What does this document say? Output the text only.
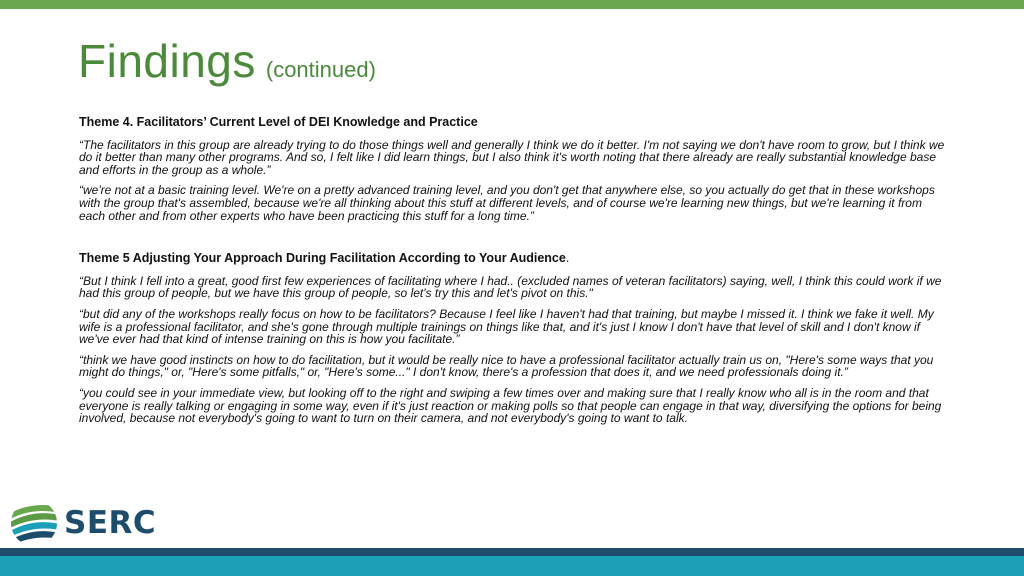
Findings (continued)

Theme 4. Facilitators’ Current Level of DEI Knowledge and Practice

“The facilitators in this group are already trying to do those things well and generally I think we do it better. I'm not saying we don't have room to grow, but I think we do it better than many other programs. And so, I felt like I did learn things, but I also think it's worth noting that there already are really substantial knowledge base and efforts in the group as a whole.”

“we're not at a basic training level. We're on a pretty advanced training level, and you don't get that anywhere else, so you actually do get that in these workshops with the group that's assembled, because we're all thinking about this stuff at different levels, and of course we're learning new things, but we're learning it from each other and from other experts who have been practicing this stuff for a long time.”

Theme 5 Adjusting Your Approach During Facilitation According to Your Audience.

“But I think I fell into a great, good first few experiences of facilitating where I had.. (excluded names of veteran facilitators) saying, well, I think this could work if we had this group of people, but we have this group of people, so let's try this and let's pivot on this."

“but did any of the workshops really focus on how to be facilitators? Because I feel like I haven't had that training, but maybe I missed it. I think we fake it well. My wife is a professional facilitator, and she's gone through multiple trainings on things like that, and it's just I know I don't have that level of skill and I don't know if we've ever had that kind of intense training on this is how you facilitate.”

“think we have good instincts on how to do facilitation, but it would be really nice to have a professional facilitator actually train us on, "Here's some ways that you might do things," or, "Here's some pitfalls," or, "Here's some..." I don't know, there's a profession that does it, and we need professionals doing it.”

“you could see in your immediate view, but looking off to the right and swiping a few times over and making sure that I really know who all is in the room and that everyone is really talking or engaging in some way, even if it's just reaction or making polls so that people can engage in that way, diversifying the options for being involved, because not everybody's going to want to turn on their camera, and not everybody's going to want to talk.

SERC
